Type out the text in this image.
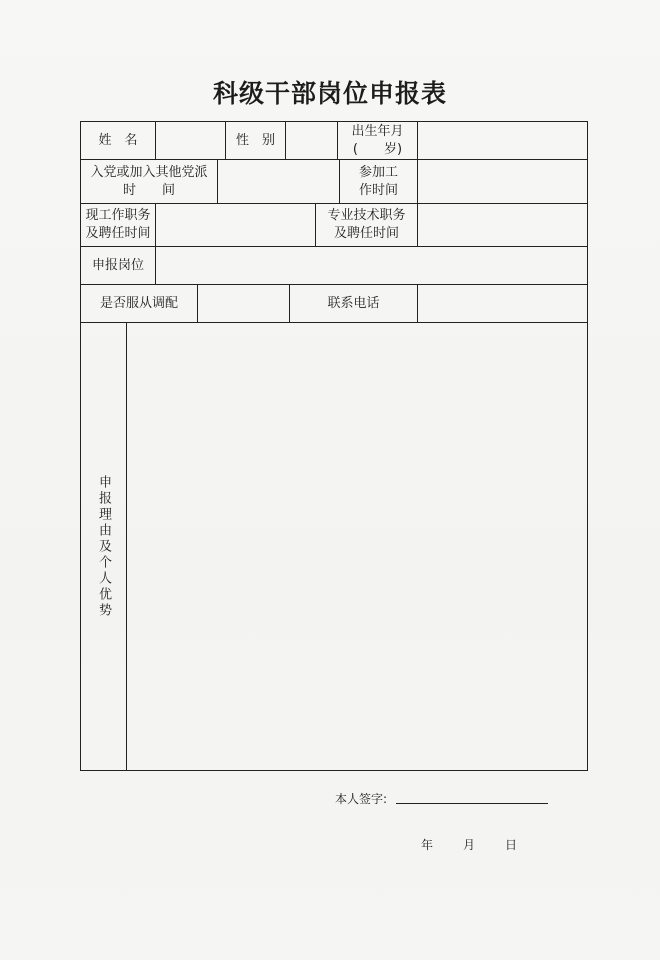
科级干部岗位申报表
姓　名	性　别
出生年月
(　　岁)
入党或加入其他党派
时　　间
参加工
作时间
现工作职务
及聘任时间
专业技术职务
及聘任时间
申报岗位
是否服从调配	联系电话
申报理由及个人优势
本人签字:
年 月 日
